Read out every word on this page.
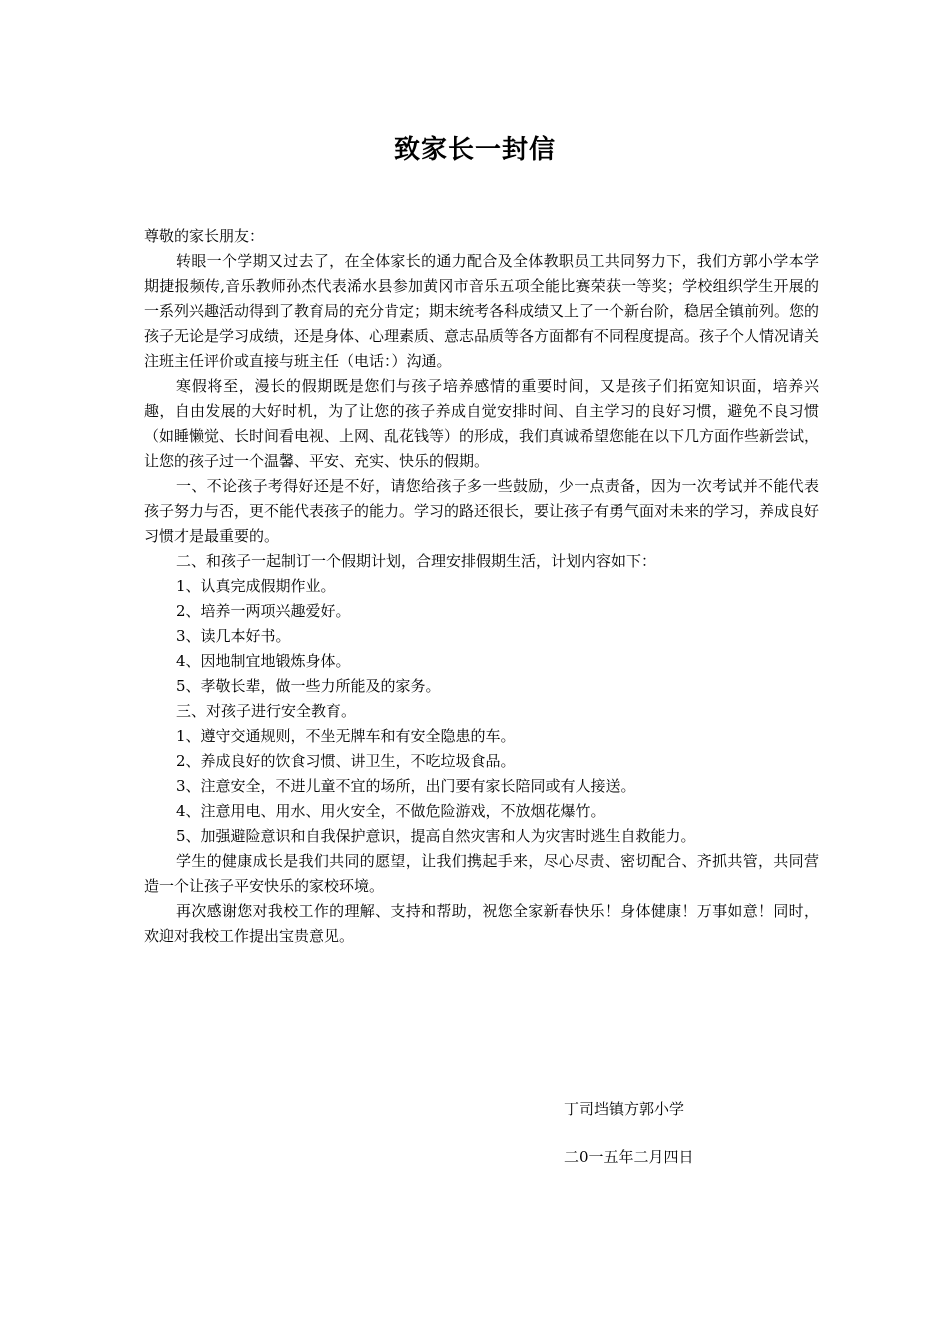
致家长一封信

尊敬的家长朋友：

转眼一个学期又过去了，在全体家长的通力配合及全体教职员工共同努力下，我们方郭小学本学期捷报频传,音乐教师孙杰代表浠水县参加黄冈市音乐五项全能比赛荣获一等奖；学校组织学生开展的一系列兴趣活动得到了教育局的充分肯定；期末统考各科成绩又上了一个新台阶，稳居全镇前列。您的孩子无论是学习成绩，还是身体、心理素质、意志品质等各方面都有不同程度提高。孩子个人情况请关注班主任评价或直接与班主任（电话：）沟通。

寒假将至，漫长的假期既是您们与孩子培养感情的重要时间，又是孩子们拓宽知识面，培养兴趣，自由发展的大好时机，为了让您的孩子养成自觉安排时间、自主学习的良好习惯，避免不良习惯（如睡懒觉、长时间看电视、上网、乱花钱等）的形成，我们真诚希望您能在以下几方面作些新尝试，让您的孩子过一个温馨、平安、充实、快乐的假期。

一、不论孩子考得好还是不好，请您给孩子多一些鼓励，少一点责备，因为一次考试并不能代表孩子努力与否，更不能代表孩子的能力。学习的路还很长，要让孩子有勇气面对未来的学习，养成良好习惯才是最重要的。

二、和孩子一起制订一个假期计划，合理安排假期生活，计划内容如下：

1、认真完成假期作业。

2、培养一两项兴趣爱好。

3、读几本好书。

4、因地制宜地锻炼身体。

5、孝敬长辈，做一些力所能及的家务。

三、对孩子进行安全教育。

1、遵守交通规则，不坐无牌车和有安全隐患的车。

2、养成良好的饮食习惯、讲卫生，不吃垃圾食品。

3、注意安全，不进儿童不宜的场所，出门要有家长陪同或有人接送。

4、注意用电、用水、用火安全，不做危险游戏，不放烟花爆竹。

5、加强避险意识和自我保护意识，提高自然灾害和人为灾害时逃生自救能力。

学生的健康成长是我们共同的愿望，让我们携起手来，尽心尽责、密切配合、齐抓共管，共同营造一个让孩子平安快乐的家校环境。

再次感谢您对我校工作的理解、支持和帮助，祝您全家新春快乐！身体健康！万事如意！同时，欢迎对我校工作提出宝贵意见。

丁司垱镇方郭小学
二0一五年二月四日
